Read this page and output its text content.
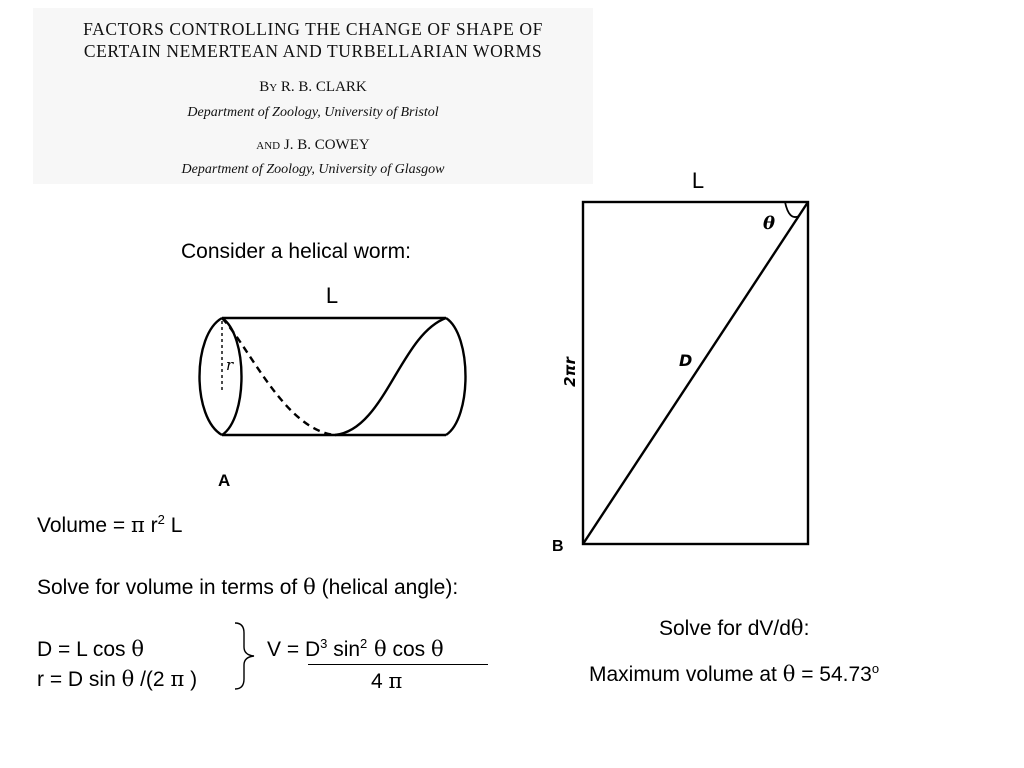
FACTORS CONTROLLING THE CHANGE OF SHAPE OF
CERTAIN NEMERTEAN AND TURBELLARIAN WORMS
By R. B. CLARK
Department of Zoology, University of Bristol
and J. B. COWEY
Department of Zoology, University of Glasgow
Consider a helical worm:
L
r
A
L
θ
D
2πr
B
Volume = π $r^2$ L
Solve for volume in terms of θ (helical angle):
D = L cos θ
r = D sin θ /(2 π )
$V = D^3$ $\sin^2 \theta$ cos θ
4 π
Solve for dV/dθ:
Maximum volume at $\theta = 54.73^o$
